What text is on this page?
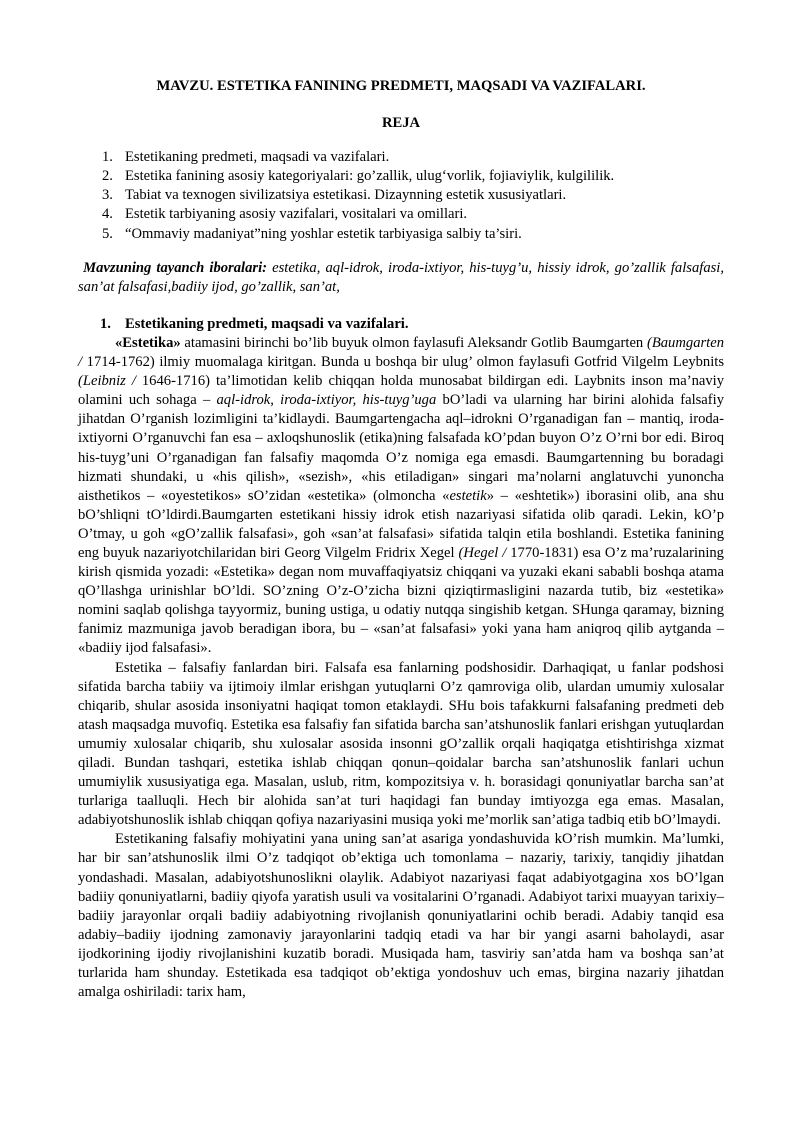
MAVZU. ESTETIKA FANINING PREDMETI, MAQSADI VA VAZIFALARI.
REJA
1. Estetikaning predmeti, maqsadi va vazifalari.
2. Estetika fanining asosiy kategoriyalari: go’zallik, ulug‘vorlik, fojiaviylik, kulgililik.
3. Tabiat va texnogen sivilizatsiya estetikasi. Dizaynning estetik xususiyatlari.
4. Estetik tarbiyaning asosiy vazifalari, vositalari va omillari.
5. “Ommaviy madaniyat”ning yoshlar estetik tarbiyasiga salbiy ta’siri.
Mavzuning tayanch iboralari: estetika, aql-idrok, iroda-ixtiyor, his-tuyg’u, hissiy idrok, go’zallik falsafasi, san’at falsafasi,badiiy ijod, go’zallik, san’at,
1. Estetikaning predmeti, maqsadi va vazifalari.

«Estetika» atamasini birinchi bo’lib buyuk olmon faylasufi Aleksandr Gotlib Baumgarten (Baumgarten / 1714-1762) ilmiy muomalaga kiritgan. Bunda u boshqa bir ulug’ olmon faylasufi Gotfrid Vilgelm Leybnits (Leibniz / 1646-1716) ta’limotidan kelib chiqqan holda munosabat bildirgan edi. Laybnits inson ma’naviy olamini uch sohaga – aql-idrok, iroda-ixtiyor, his-tuyg’uga bO’ladi va ularning har birini alohida falsafiy jihatdan O’rganish lozimligini ta’kidlaydi. Baumgartengacha aql–idrokni O’rganadigan fan – mantiq, iroda-ixtiyorni O’rganuvchi fan esa – axloqshunoslik (etika)ning falsafada kO’pdan buyon O’z O’rni bor edi. Biroq his-tuyg’uni O’rganadigan fan falsafiy maqomda O’z nomiga ega emasdi. Baumgartenning bu boradagi hizmati shundaki, u «his qilish», «sezish», «his etiladigan» singari ma’nolarni anglatuvchi yunoncha aisthetikos – «oyestetikos» sO’zidan «estetika» (olmoncha «estetik» – «eshtetik») iborasini olib, ana shu bO’shliqni tO’ldirdi.Baumgarten estetikani hissiy idrok etish nazariyasi sifatida olib qaradi. Lekin, kO’p O’tmay, u goh «gO’zallik falsafasi», goh «san’at falsafasi» sifatida talqin etila boshlandi. Estetika fanining eng buyuk nazariyotchilaridan biri Georg Vilgelm Fridrix Xegel (Hegel / 1770-1831) esa O’z ma’ruzalarining kirish qismida yozadi: «Estetika» degan nom muvaffaqiyatsiz chiqqani va yuzaki ekani sababli boshqa atama qO’llashga urinishlar bO’ldi. SO’zning O’z-O’zicha bizni qiziqtirmasligini nazarda tutib, biz «estetika» nomini saqlab qolishga tayyormiz, buning ustiga, u odatiy nutqqa singishib ketgan. SHunga qaramay, bizning fanimiz mazmuniga javob beradigan ibora, bu – «san’at falsafasi» yoki yana ham aniqroq qilib aytganda – «badiiy ijod falsafasi».

Estetika – falsafiy fanlardan biri. Falsafa esa fanlarning podshosidir. Darhaqiqat, u fanlar podshosi sifatida barcha tabiiy va ijtimoiy ilmlar erishgan yutuqlarni O’z qamroviga olib, ulardan umumiy xulosalar chiqarib, shular asosida insoniyatni haqiqat tomon etaklaydi. SHu bois tafakkurni falsafaning predmeti deb atash maqsadga muvofiq. Estetika esa falsafiy fan sifatida barcha san’atshunoslik fanlari erishgan yutuqlardan umumiy xulosalar chiqarib, shu xulosalar asosida insonni gO’zallik orqali haqiqatga etishtirishga xizmat qiladi. Bundan tashqari, estetika ishlab chiqqan qonun–qoidalar barcha san’atshunoslik fanlari uchun umumiylik xususiyatiga ega. Masalan, uslub, ritm, kompozitsiya v. h. borasidagi qonuniyatlar barcha san’at turlariga taalluqli. Hech bir alohida san’at turi haqidagi fan bunday imtiyozga ega emas. Masalan, adabiyotshunoslik ishlab chiqqan qofiya nazariyasini musiqa yoki me’morlik san’atiga tadbiq etib bO’lmaydi.

Estetikaning falsafiy mohiyatini yana uning san’at asariga yondashuvida kO’rish mumkin. Ma’lumki, har bir san’atshunoslik ilmi O’z tadqiqot ob’ektiga uch tomonlama – nazariy, tarixiy, tanqidiy jihatdan yondashadi. Masalan, adabiyotshunoslikni olaylik. Adabiyot nazariyasi faqat adabiyotgagina xos bO’lgan badiiy qonuniyatlarni, badiiy qiyofa yaratish usuli va vositalarini O’rganadi. Adabiyot tarixi muayyan tarixiy–badiiy jarayonlar orqali badiiy adabiyotning rivojlanish qonuniyatlarini ochib beradi. Adabiy tanqid esa adabiy–badiiy ijodning zamonaviy jarayonlarini tadqiq etadi va har bir yangi asarni baholaydi, asar ijodkorining ijodiy rivojlanishini kuzatib boradi. Musiqada ham, tasviriy san’atda ham va boshqa san’at turlarida ham shunday. Estetikada esa tadqiqot ob’ektiga yondoshuv uch emas, birgina nazariy jihatdan amalga oshiriladi: tarix ham,
